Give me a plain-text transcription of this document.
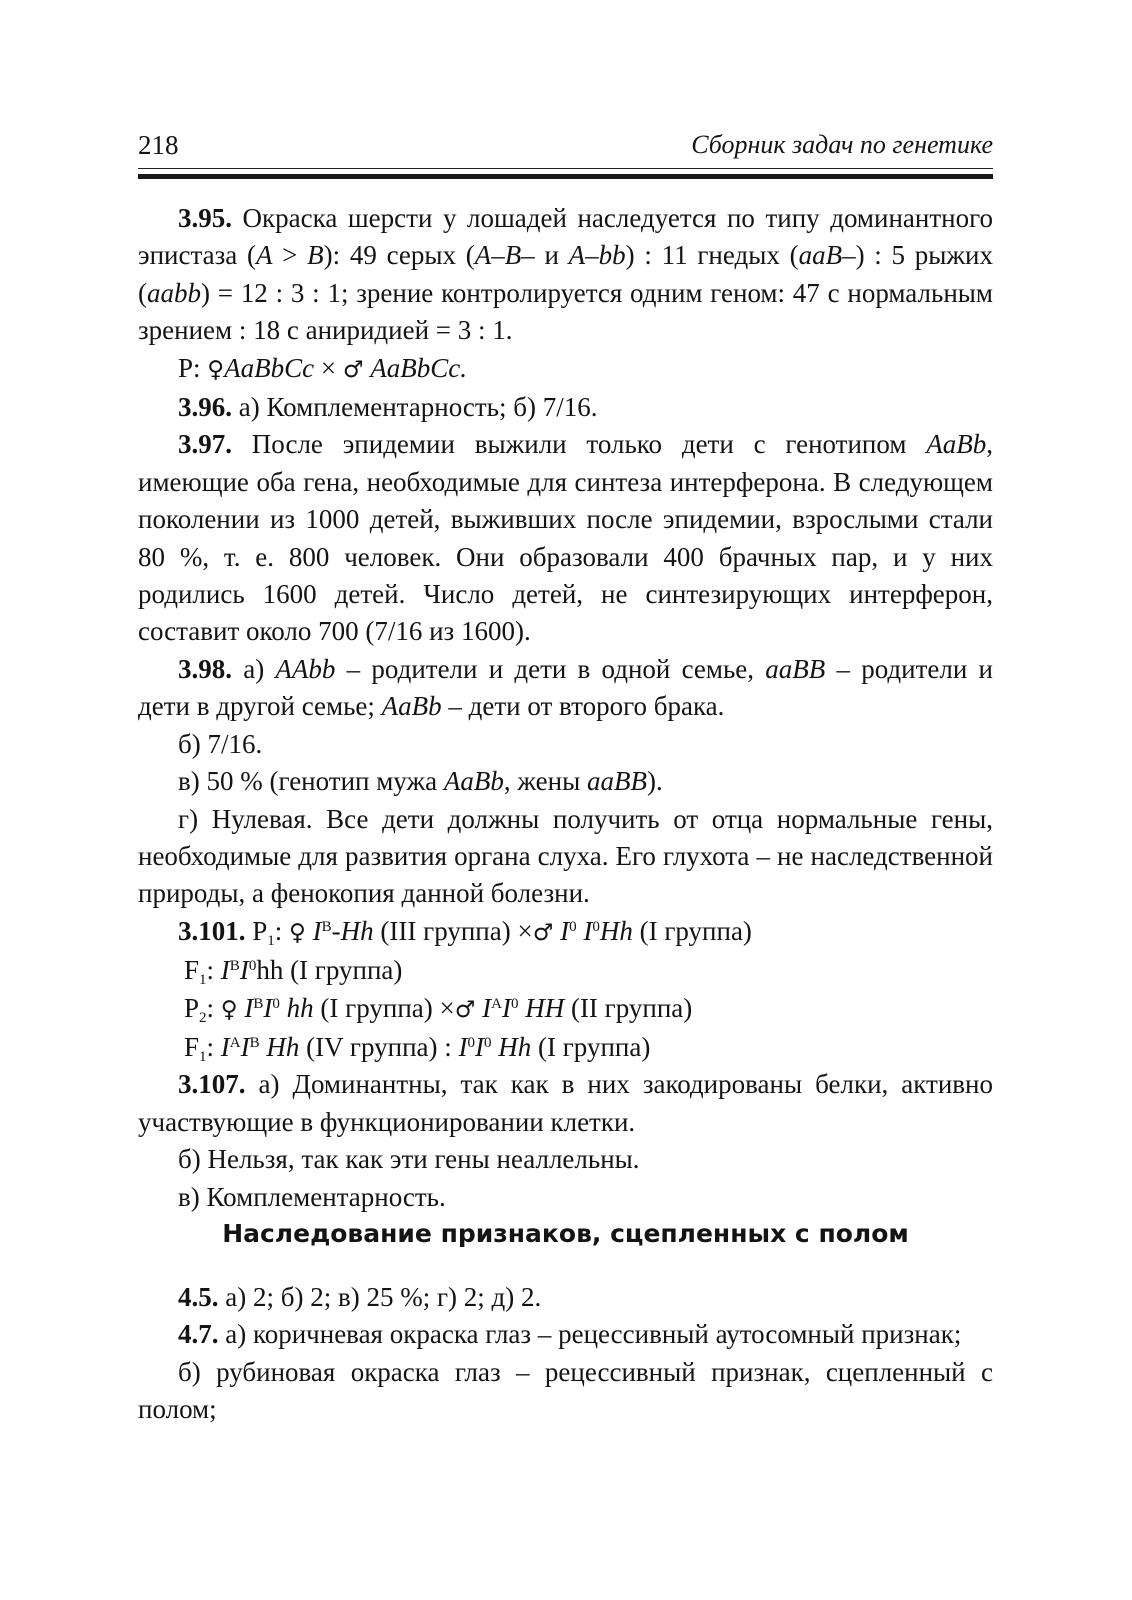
218	Сборник задач по генетике

3.95. Окраска шерсти у лошадей наследуется по типу доминантного эпистаза (A > B): 49 серых (A–B– и A–bb) : 11 гнедых (aaB–) : 5 рыжих (aabb) = 12 : 3 : 1; зрение контролируется одним геном: 47 с нормальным зрением : 18 с аниридией = 3 : 1.

P: ♀AaBbCc × ♂ AaBbCc.

3.96. а) Комплементарность; б) 7/16.

3.97. После эпидемии выжили только дети с генотипом AaBb, имеющие оба гена, необходимые для синтеза интерферона. В следующем поколении из 1000 детей, выживших после эпидемии, взрослыми стали 80 %, т. е. 800 человек. Они образовали 400 брачных пар, и у них родились 1600 детей. Число детей, не синтезирующих интерферон, составит около 700 (7/16 из 1600).

3.98. а) AAbb – родители и дети в одной семье, aaBB – родители и дети в другой семье; AaBb – дети от второго брака.

б) 7/16.

в) 50 % (генотип мужа AaBb, жены aaBB).

г) Нулевая. Все дети должны получить от отца нормальные гены, необходимые для развития органа слуха. Его глухота – не наследственной природы, а фенокопия данной болезни.

3.101. $P_1$: ♀ $I^B-Hh$ (III группа) ×♂ $I^0$ $I^0Hh$ (I группа)

$F_1$: $I^BI^0hh$ (I группа)

$P_2$: ♀ $I^BI^0$ hh (I группа) ×♂ $I^AI^0$ HH (II группа)

$F_1$: $I^AI^B$ Hh (IV группа) : $I^0I^0$ Hh (I группа)

3.107. а) Доминантны, так как в них закодированы белки, активно участвующие в функционировании клетки.

б) Нельзя, так как эти гены неаллельны.

в) Комплементарность.

Наследование признаков, сцепленных с полом

4.5. а) 2; б) 2; в) 25 %; г) 2; д) 2.

4.7. а) коричневая окраска глаз – рецессивный аутосомный признак;

б) рубиновая окраска глаз – рецессивный признак, сцепленный с полом;
